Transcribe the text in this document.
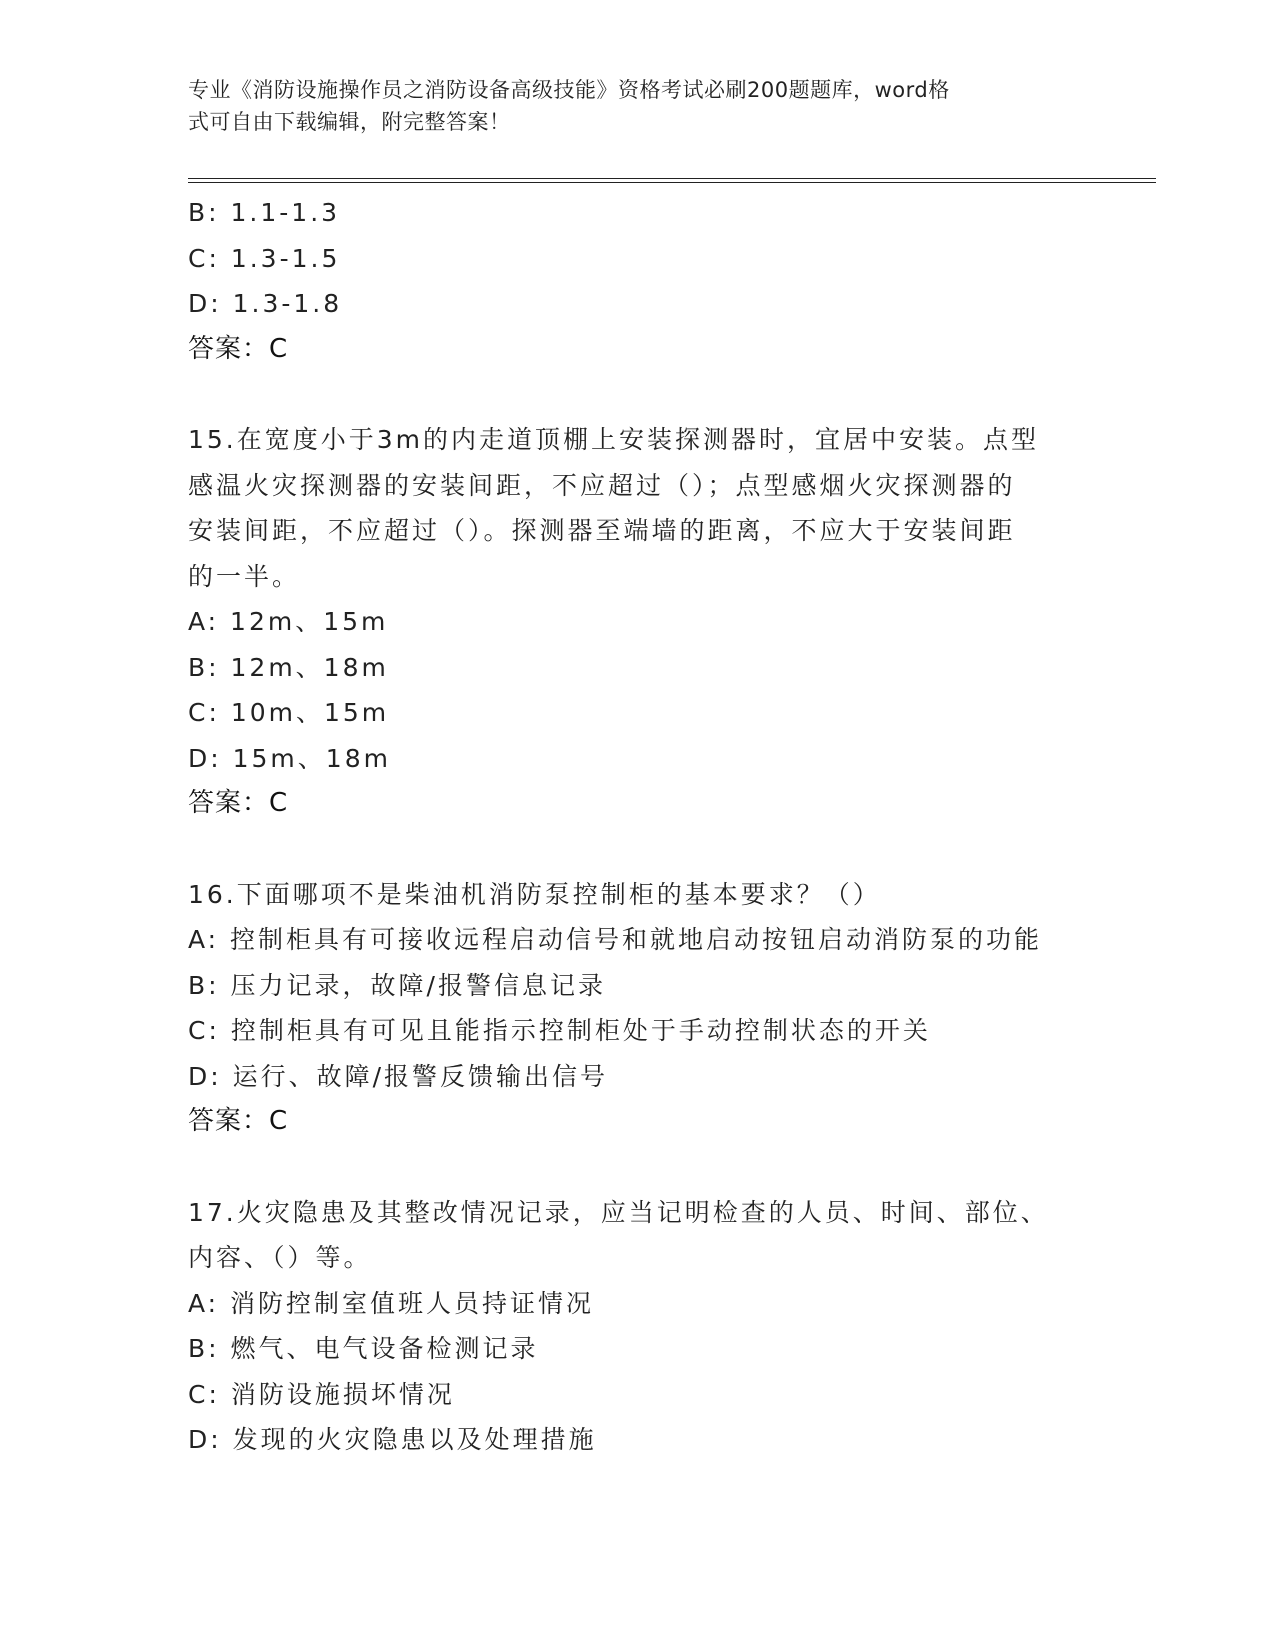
专业《消防设施操作员之消防设备高级技能》资格考试必刷200题题库，word格
式可自由下载编辑，附完整答案！
B: 1.1-1.3
C: 1.3-1.5
D: 1.3-1.8
答案：C
15.在宽度小于3m的内走道顶棚上安装探测器时，宜居中安装。点型
感温火灾探测器的安装间距，不应超过（）；点型感烟火灾探测器的
安装间距，不应超过（）。探测器至端墙的距离，不应大于安装间距
的一半。
A: 12m、15m
B: 12m、18m
C: 10m、15m
D: 15m、18m
答案：C
16.下面哪项不是柴油机消防泵控制柜的基本要求？（）
A: 控制柜具有可接收远程启动信号和就地启动按钮启动消防泵的功能
B: 压力记录，故障/报警信息记录
C: 控制柜具有可见且能指示控制柜处于手动控制状态的开关
D: 运行、故障/报警反馈输出信号
答案：C
17.火灾隐患及其整改情况记录，应当记明检查的人员、时间、部位、
内容、（）等。
A: 消防控制室值班人员持证情况
B: 燃气、电气设备检测记录
C: 消防设施损坏情况
D: 发现的火灾隐患以及处理措施
